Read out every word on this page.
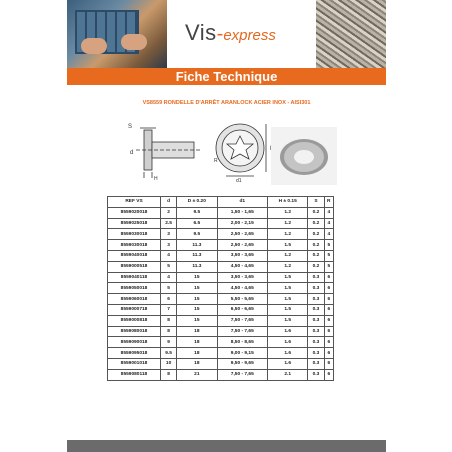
Vis-express
Fiche Technique
VS8559 RONDELLE D'ARRÊT ARANLOCK ACIER INOX - AISI301
S
d
H
R
d1
REF VS	d	D ± 0.20	d1	H ± 0.15	S	R
8559020018	2	9.5	1,50 - 1,65	1.2	0.2	4
8559025018	2.5	6.5	2,00 - 2,15	1.2	0.2	4
8559030018	3	9.5	2,50 - 2,65	1.2	0.2	4
8559030018	3	11.3	2,50 - 2,65	1.5	0.2	5
8559040018	4	11.3	3,50 - 3,65	1.2	0.2	5
8559000518	5	11.3	4,50 - 4,65	1.2	0.2	5
8559040118	4	15	3,50 - 3,65	1.5	0.3	6
8559050018	5	15	4,50 - 4,65	1.5	0.3	6
8559060018	6	15	5,50 - 5,65	1.5	0.3	6
8559000718	7	15	6,50 - 6,65	1.5	0.3	6
8559000818	8	15	7,50 - 7,65	1.5	0.3	6
8559080018	8	18	7,50 - 7,65	1.6	0.3	6
8559090018	9	18	8,50 - 8,65	1.6	0.3	6
8559095018	9.5	18	9,00 - 9,15	1.6	0.3	6
8559001018	10	18	9,50 - 9,65	1.6	0.3	6
8559080118	8	21	7,50 - 7,65	2.1	0.3	6
